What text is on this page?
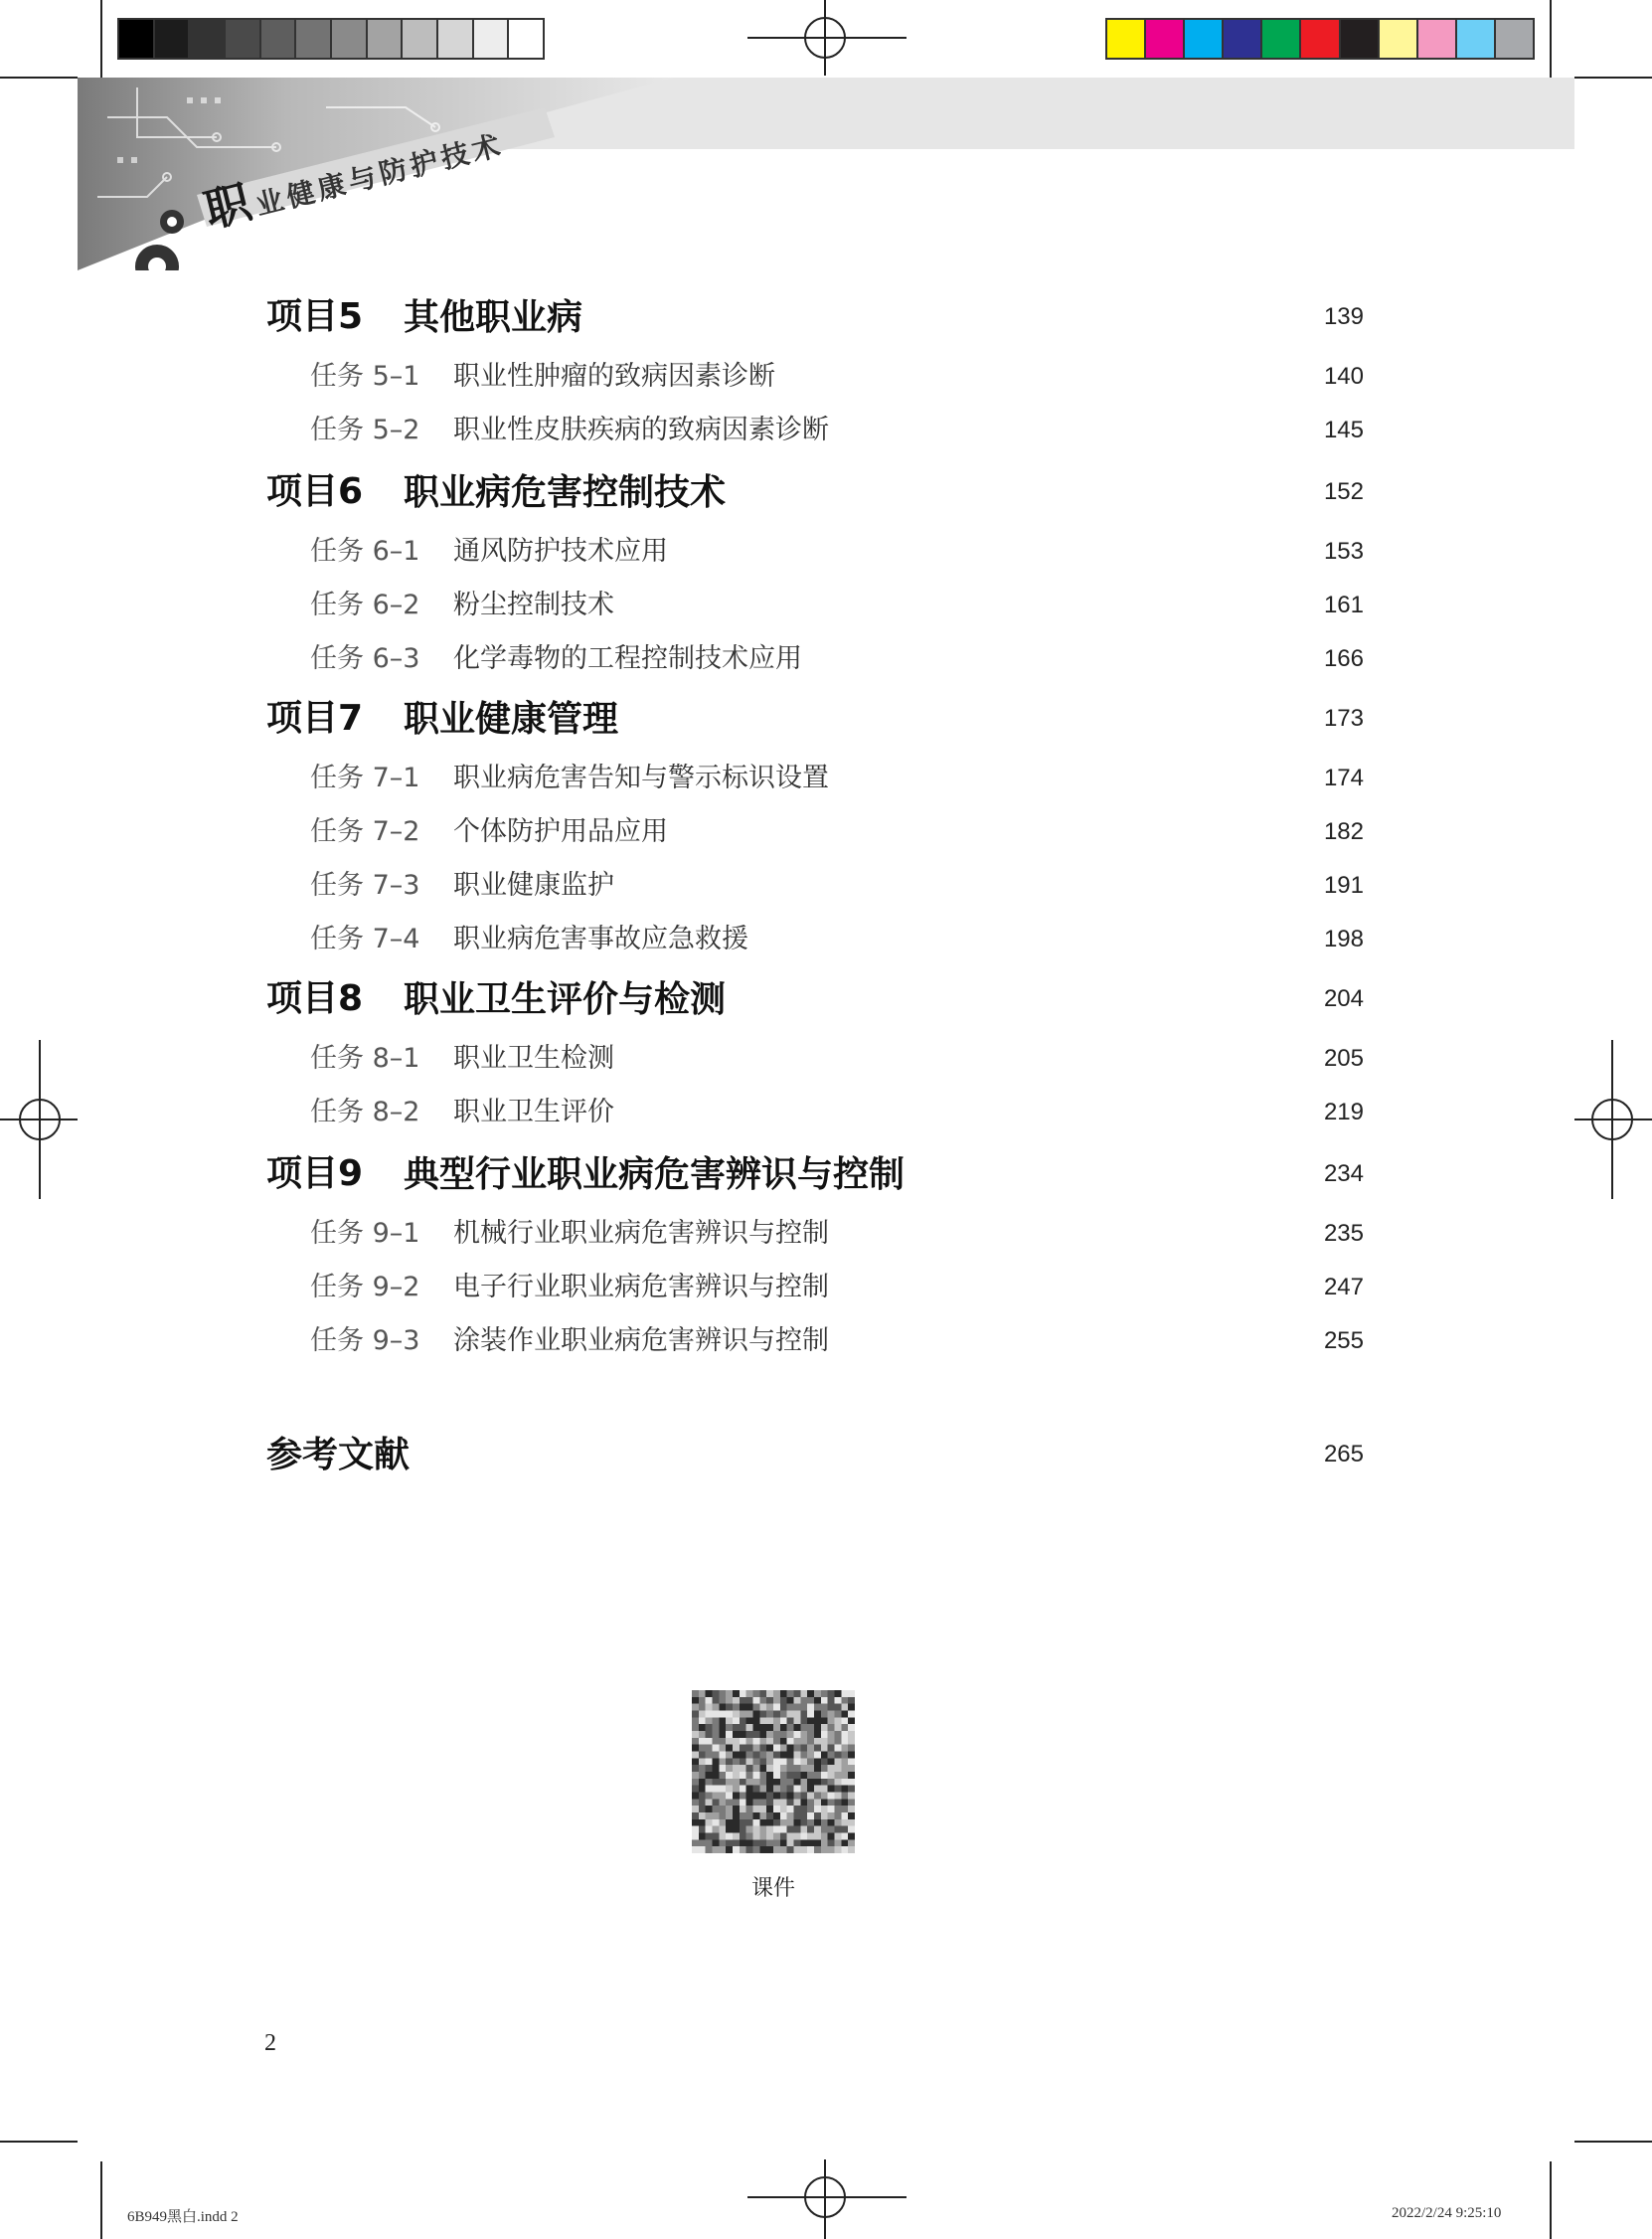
职 业健康与防护技术
项目5 其他职业病	139
任务 5–1 职业性肿瘤的致病因素诊断	140
任务 5–2 职业性皮肤疾病的致病因素诊断	145
项目6 职业病危害控制技术	152
任务 6–1 通风防护技术应用	153
任务 6–2 粉尘控制技术	161
任务 6–3 化学毒物的工程控制技术应用	166
项目7 职业健康管理	173
任务 7–1 职业病危害告知与警示标识设置	174
任务 7–2 个体防护用品应用	182
任务 7–3 职业健康监护	191
任务 7–4 职业病危害事故应急救援	198
项目8 职业卫生评价与检测	204
任务 8–1 职业卫生检测	205
任务 8–2 职业卫生评价	219
项目9 典型行业职业病危害辨识与控制	234
任务 9–1 机械行业职业病危害辨识与控制	235
任务 9–2 电子行业职业病危害辨识与控制	247
任务 9–3 涂装作业职业病危害辨识与控制	255
参考文献	265
课件
2
6B949黑白.indd 2	2022/2/24 9:25:10
